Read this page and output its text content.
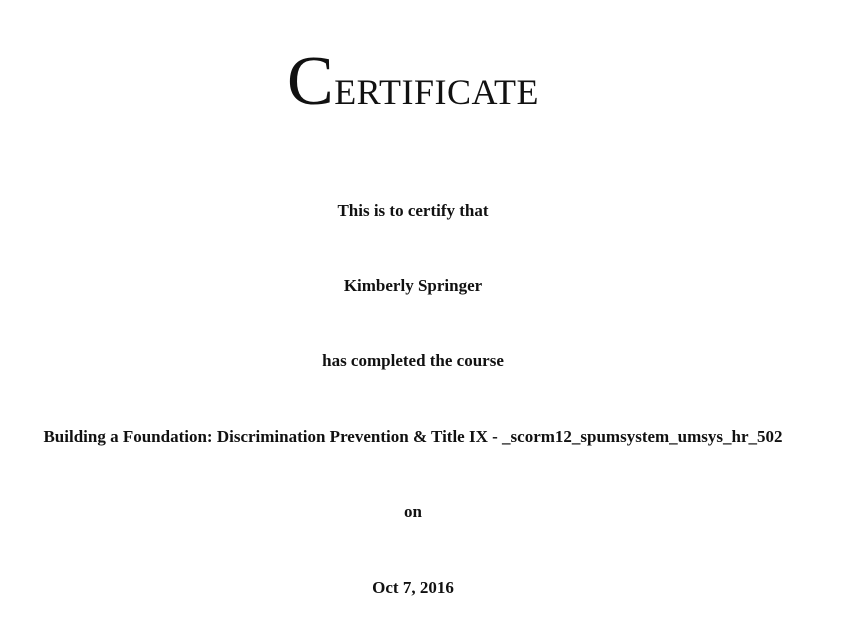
Certificate

This is to certify that

Kimberly Springer

has completed the course

Building a Foundation: Discrimination Prevention & Title IX - _scorm12_spumsystem_umsys_hr_502

on

Oct 7, 2016
